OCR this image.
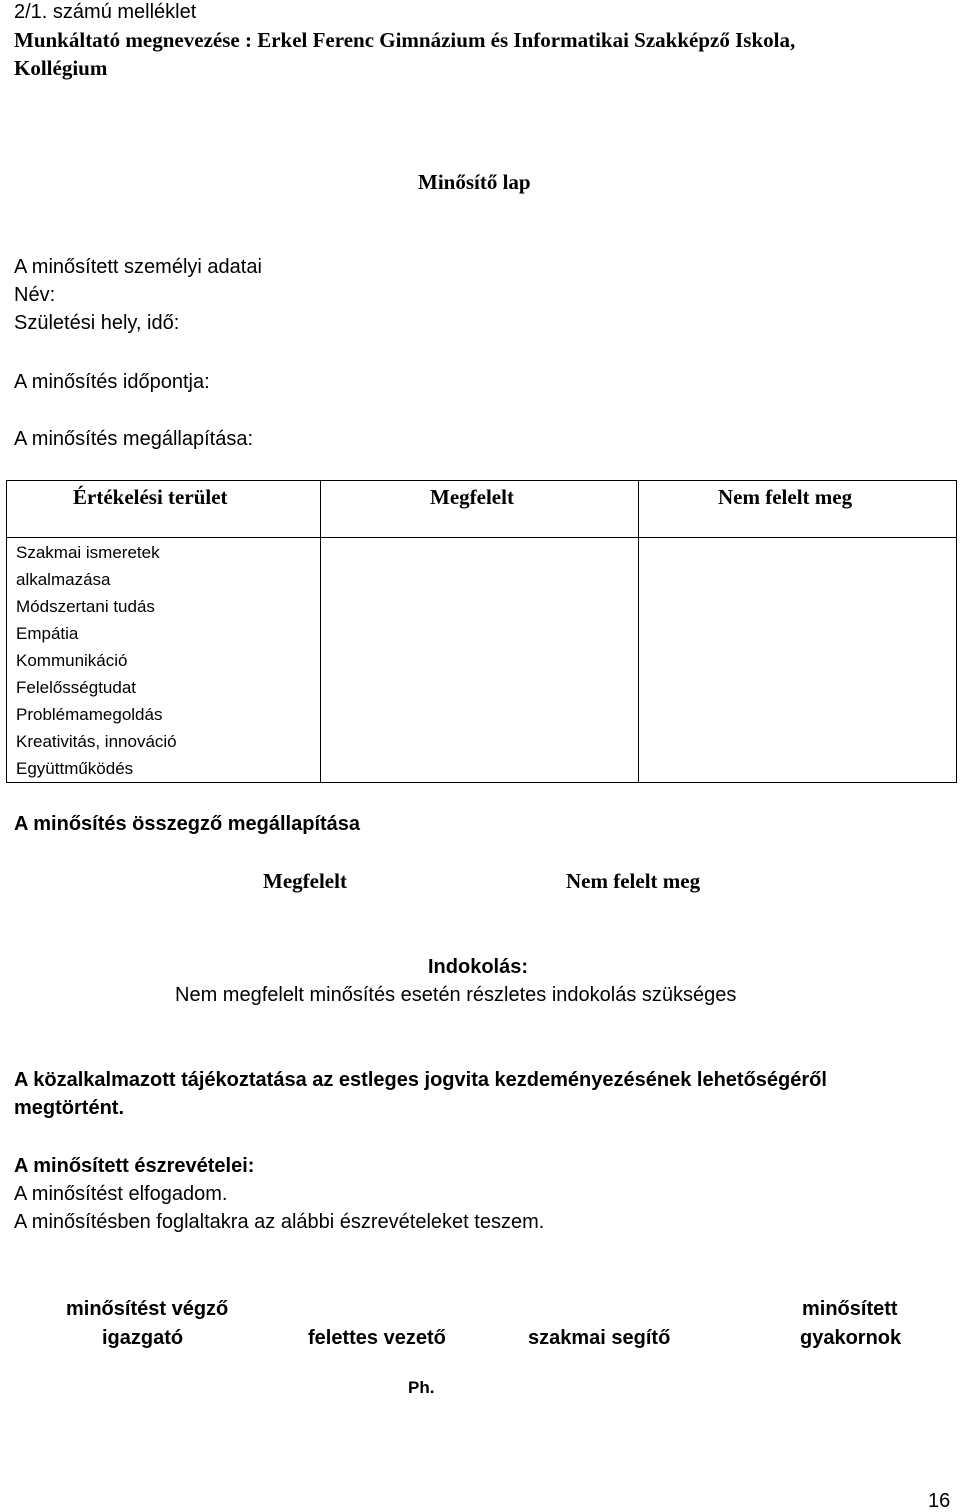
2/1. számú melléklet
Munkáltató megnevezése : Erkel Ferenc Gimnázium és Informatikai Szakképző Iskola,
Kollégium
Minősítő lap
A minősített személyi adatai
Név:
Születési hely, idő:
A minősítés időpontja:
A minősítés megállapítása:
Értékelési terület	Megfelelt	Nem felelt meg
Szakmai ismeretek
alkalmazása
Módszertani tudás
Empátia
Kommunikáció
Felelősségtudat
Problémamegoldás
Kreativitás, innováció
Együttműködés
A minősítés összegző megállapítása
Megfelelt	Nem felelt meg
Indokolás:
Nem megfelelt minősítés esetén részletes indokolás szükséges
A közalkalmazott tájékoztatása az estleges jogvita kezdeményezésének lehetőségéről
megtörtént.
A minősített észrevételei:
A minősítést elfogadom.
A minősítésben foglaltakra az alábbi észrevételeket teszem.
minősítést végző
igazgató	felettes vezető	szakmai segítő
minősített
gyakornok
Ph.
16
